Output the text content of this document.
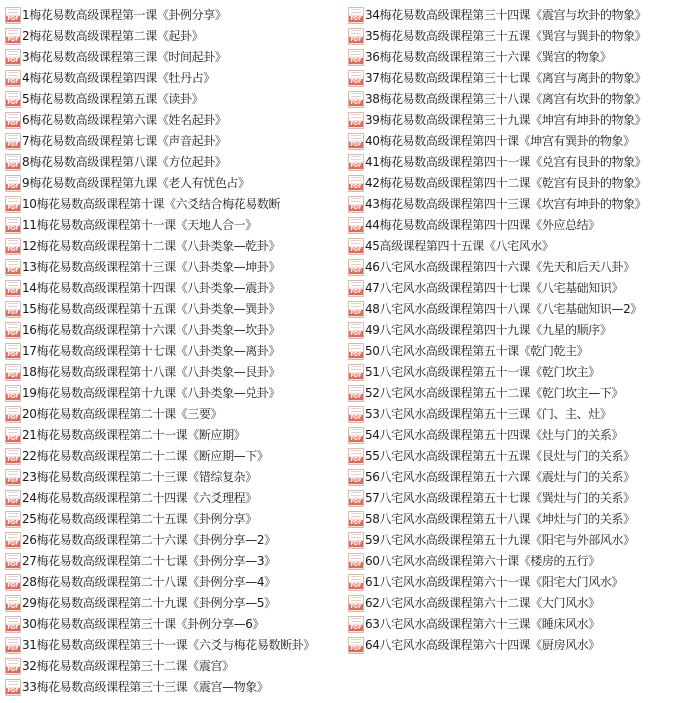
PDF
1梅花易数高级课程第一课《卦例分享》
PDF
2梅花易数高级课程第二课《起卦》
PDF
3梅花易数高级课程第三课《时间起卦》
PDF
4梅花易数高级课程第四课《牡丹占》
PDF
5梅花易数高级课程第五课《读卦》
PDF
6梅花易数高级课程第六课《姓名起卦》
PDF
7梅花易数高级课程第七课《声音起卦》
PDF
8梅花易数高级课程第八课《方位起卦》
PDF
9梅花易数高级课程第九课《老人有忧色占》
PDF
10梅花易数高级课程第十课《六爻结合梅花易数断
PDF
11梅花易数高级课程第十一课《天地人合一》
PDF
12梅花易数高级课程第十二课《八卦类象—乾卦》
PDF
13梅花易数高级课程第十三课《八卦类象—坤卦》
PDF
14梅花易数高级课程第十四课《八卦类象—震卦》
PDF
15梅花易数高级课程第十五课《八卦类象—巽卦》
PDF
16梅花易数高级课程第十六课《八卦类象—坎卦》
PDF
17梅花易数高级课程第十七课《八卦类象—离卦》
PDF
18梅花易数高级课程第十八课《八卦类象—艮卦》
PDF
19梅花易数高级课程第十九课《八卦类象—兑卦》
PDF
20梅花易数高级课程第二十课《三要》
PDF
21梅花易数高级课程第二十一课《断应期》
PDF
22梅花易数高级课程第二十二课《断应期—下》
PDF
23梅花易数高级课程第二十三课《错综复杂》
PDF
24梅花易数高级课程第二十四课《六爻理程》
PDF
25梅花易数高级课程第二十五课《卦例分享》
PDF
26梅花易数高级课程第二十六课《卦例分享—2》
PDF
27梅花易数高级课程第二十七课《卦例分享—3》
PDF
28梅花易数高级课程第二十八课《卦例分享—4》
PDF
29梅花易数高级课程第二十九课《卦例分享—5》
PDF
30梅花易数高级课程第三十课《卦例分享—6》
PDF
31梅花易数高级课程第三十一课《六爻与梅花易数断卦》
PDF
32梅花易数高级课程第三十二课《震宫》
PDF
33梅花易数高级课程第三十三课《震宫—物象》
PDF
34梅花易数高级课程第三十四课《震宫与坎卦的物象》
PDF
35梅花易数高级课程第三十五课《巽宫与巽卦的物象》
PDF
36梅花易数高级课程第三十六课《巽宫的物象》
PDF
37梅花易数高级课程第三十七课《离宫与离卦的物象》
PDF
38梅花易数高级课程第三十八课《离宫有坎卦的物象》
PDF
39梅花易数高级课程第三十九课《坤宫有坤卦的物象》
PDF
40梅花易数高级课程第四十课《坤宫有巽卦的物象》
PDF
41梅花易数高级课程第四十一课《兑宫有艮卦的物象》
PDF
42梅花易数高级课程第四十二课《乾宫有艮卦的物象》
PDF
43梅花易数高级课程第四十三课《坎宫有坤卦的物象》
PDF
44梅花易数高级课程第四十四课《外应总结》
PDF
45高级课程第四十五课《八宅风水》
PDF
46八宅风水高级课程第四十六课《先天和后天八卦》
PDF
47八宅风水高级课程第四十七课《八宅基础知识》
PDF
48八宅风水高级课程第四十八课《八宅基础知识—2》
PDF
49八宅风水高级课程第四十九课《九星的顺序》
PDF
50八宅风水高级课程第五十课《乾门乾主》
PDF
51八宅风水高级课程第五十一课《乾门坎主》
PDF
52八宅风水高级课程第五十二课《乾门坎主—下》
PDF
53八宅风水高级课程第五十三课《门、主、灶》
PDF
54八宅风水高级课程第五十四课《灶与门的关系》
PDF
55八宅风水高级课程第五十五课《艮灶与门的关系》
PDF
56八宅风水高级课程第五十六课《震灶与门的关系》
PDF
57八宅风水高级课程第五十七课《巽灶与门的关系》
PDF
58八宅风水高级课程第五十八课《坤灶与门的关系》
PDF
59八宅风水高级课程第五十九课《阳宅与外部风水》
PDF
60八宅风水高级课程第六十课《楼房的五行》
PDF
61八宅风水高级课程第六十一课《阳宅大门风水》
PDF
62八宅风水高级课程第六十二课《大门风水》
PDF
63八宅风水高级课程第六十三课《睡床风水》
PDF
64八宅风水高级课程第六十四课《厨房风水》
